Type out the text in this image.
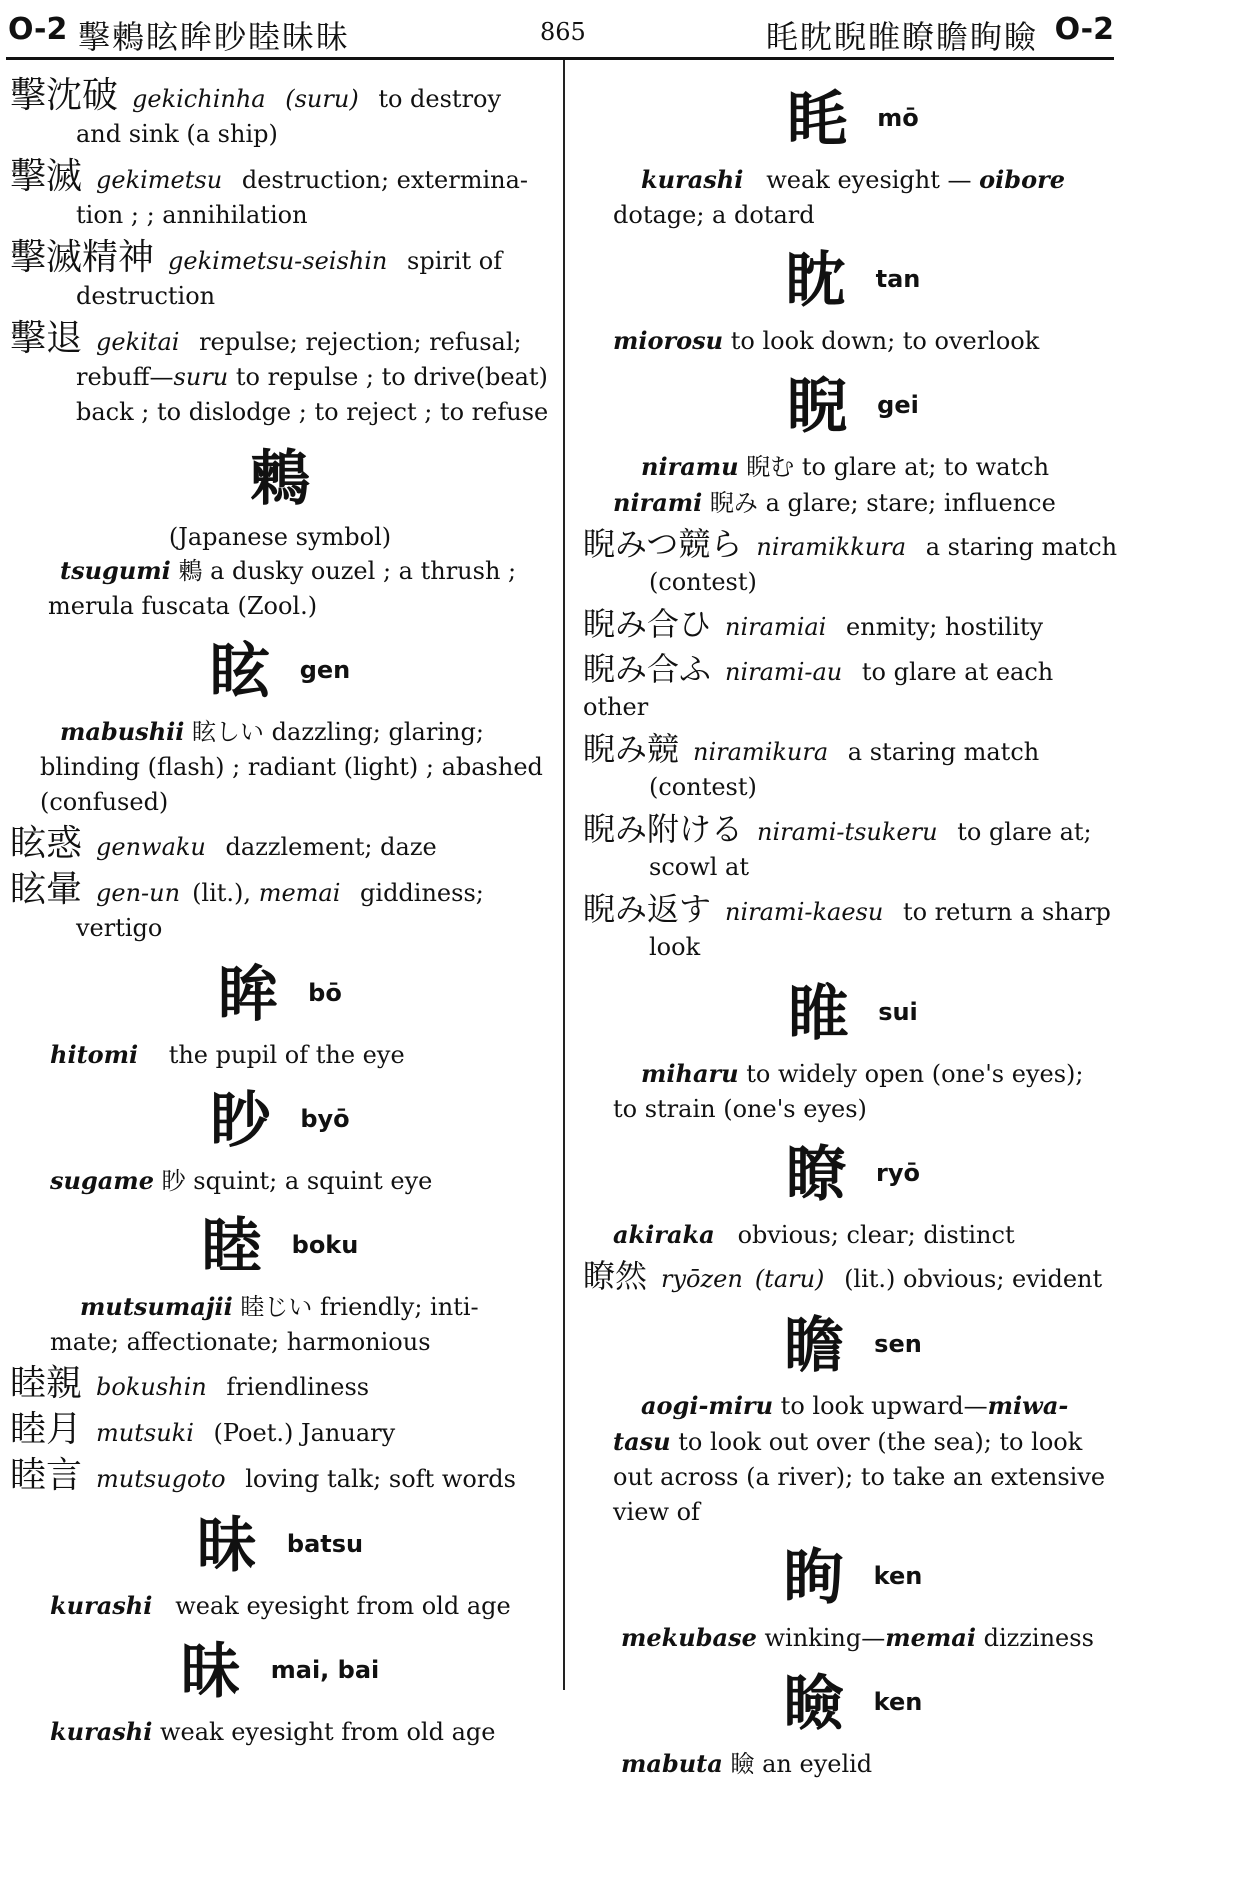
O-2 擊鶫眩眸眇睦昧昧	865	眊眈睨睢瞭瞻眴瞼 O-2
擊沈破 gekichinha (suru) to destroy
and sink (a ship)
擊滅 gekimetsu destruction; extermina-
tion ; ; annihilation
擊滅精神 gekimetsu-seishin spirit of
destruction
擊退 gekitai repulse; rejection; refusal;
rebuff—suru to repulse ; to drive(beat)
back ; to dislodge ; to reject ; to refuse
鶫
(Japanese symbol)
tsugumi 鶫 a dusky ouzel ; a thrush ;
merula fuscata (Zool.)
眩 gen
mabushii 眩しい dazzling; glaring;
blinding (flash) ; radiant (light) ; abashed
(confused)
眩惑 genwaku dazzlement; daze
眩暈 gen-un (lit.), memai giddiness;
vertigo
眸 bō
hitomi the pupil of the eye
眇 byō
sugame 眇 squint; a squint eye
睦 boku
mutsumajii 睦じい friendly; inti-
mate; affectionate; harmonious
睦親 bokushin friendliness
睦月 mutsuki (Poet.) January
睦言 mutsugoto loving talk; soft words
昧 batsu
kurashi weak eyesight from old age
昧 mai, bai
kurashi weak eyesight from old age
眊 mō
kurashi weak eyesight — oibore
dotage; a dotard
眈 tan
miorosu to look down; to overlook
睨 gei
niramu 睨む to glare at; to watch
nirami 睨み a glare; stare; influence
睨みつ競ら niramikkura a staring match
(contest)
睨み合ひ niramiai enmity; hostility
睨み合ふ nirami-au to glare at each other
睨み競 niramikura a staring match
(contest)
睨み附ける nirami-tsukeru to glare at;
scowl at
睨み返す nirami-kaesu to return a sharp
look
睢 sui
miharu to widely open (one's eyes);
to strain (one's eyes)
瞭 ryō
akiraka obvious; clear; distinct
瞭然 ryōzen (taru) (lit.) obvious; evident
瞻 sen
aogi-miru to look upward—miwa-
tasu to look out over (the sea); to look
out across (a river); to take an extensive
view of
眴 ken
mekubase winking—memai dizziness
瞼 ken
mabuta 瞼 an eyelid
